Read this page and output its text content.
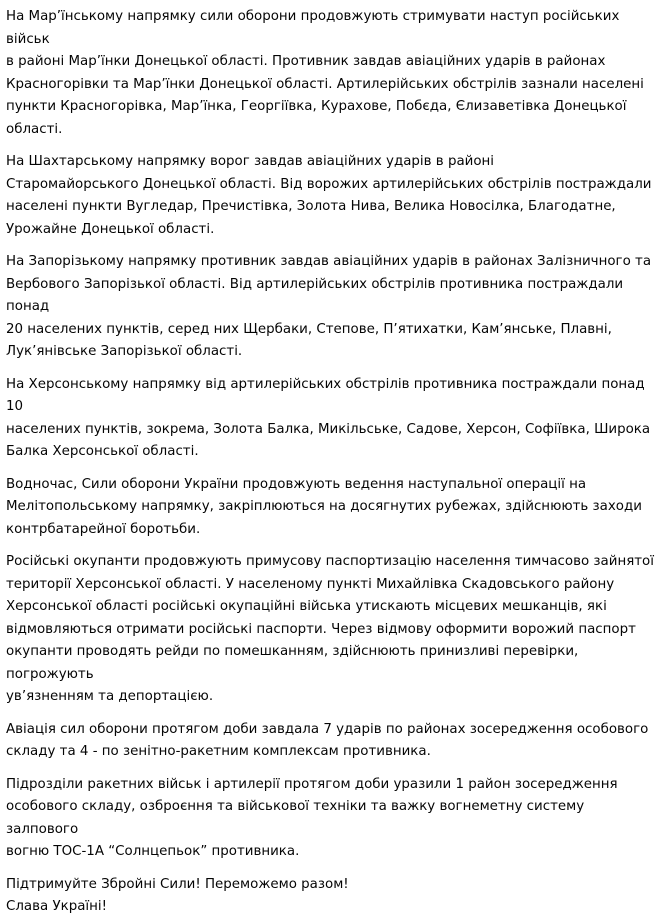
На Мар’їнському напрямку сили оборони продовжують стримувати наступ російських військ
в районі Мар’їнки Донецької області. Противник завдав авіаційних ударів в районах
Красногорівки та Мар’їнки Донецької області. Артилерійських обстрілів зазнали населені
пункти Красногорівка, Мар’їнка, Георгіївка, Курахове, Побєда, Єлизаветівка Донецької
області.

На Шахтарському напрямку ворог завдав авіаційних ударів в районі
Старомайорського Донецької області. Від ворожих артилерійських обстрілів постраждали
населені пункти Вугледар, Пречистівка, Золота Нива, Велика Новосілка, Благодатне,
Урожайне Донецької області.

На Запорізькому напрямку противник завдав авіаційних ударів в районах Залізничного та
Вербового Запорізької області. Від артилерійських обстрілів противника постраждали понад
20 населених пунктів, серед них Щербаки, Степове, П’ятихатки, Кам’янське, Плавні,
Лук’янівське Запорізької області.

На Херсонському напрямку від артилерійських обстрілів противника постраждали понад 10
населених пунктів, зокрема, Золота Балка, Микільське, Садове, Херсон, Софіївка, Широка
Балка Херсонської області.

Водночас, Сили оборони України продовжують ведення наступальної операції на
Мелітопольському напрямку, закріплюються на досягнутих рубежах, здійснюють заходи
контрбатарейної боротьби.

Російські окупанти продовжують примусову паспортизацію населення тимчасово зайнятої
території Херсонської області. У населеному пункті Михайлівка Скадовського району
Херсонської області російські окупаційні війська утискають місцевих мешканців, які
відмовляються отримати російські паспорти. Через відмову оформити ворожий паспорт
окупанти проводять рейди по помешканням, здійснюють принизливі перевірки, погрожують
ув’язненням та депортацією.

Авіація сил оборони протягом доби завдала 7 ударів по районах зосередження особового
складу та 4 - по зенітно-ракетним комплексам противника.

Підрозділи ракетних військ і артилерії протягом доби уразили 1 район зосередження
особового складу, озброєння та військової техніки та важку вогнеметну систему залпового
вогню ТОС-1А “Солнцепьок” противника.

Підтримуйте Збройні Сили! Переможемо разом!
Слава Україні!
